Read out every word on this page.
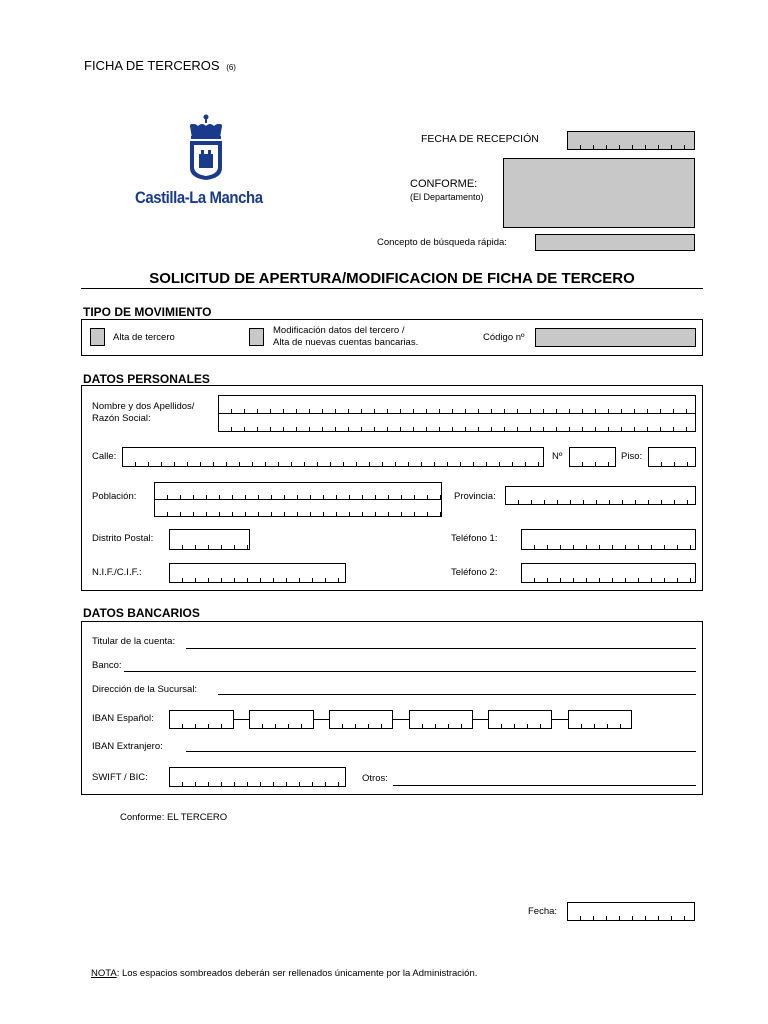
FICHA DE TERCEROS (6)
Castilla-La Mancha
FECHA DE RECEPCIÓN
CONFORME:
(El Departamento)
Concepto de búsqueda rápida:
SOLICITUD DE APERTURA/MODIFICACION DE FICHA DE TERCERO
TIPO DE MOVIMIENTO
Alta de tercero
Modificación datos del tercero /
Alta de nuevas cuentas bancarias.	Código nº
DATOS PERSONALES
Nombre y dos Apellidos/
Razón Social:
Calle:	Nº	Piso:
Población:	Provincia:
Distrito Postal:	Teléfono 1:
N.I.F./C.I.F.:	Teléfono 2:
DATOS BANCARIOS
Titular de la cuenta:
Banco:
Dirección de la Sucursal:
IBAN Español:
IBAN Extranjero:
SWIFT / BIC:	Otros:
Conforme: EL TERCERO
Fecha:
NOTA: Los espacios sombreados deberán ser rellenados únicamente por la Administración.
